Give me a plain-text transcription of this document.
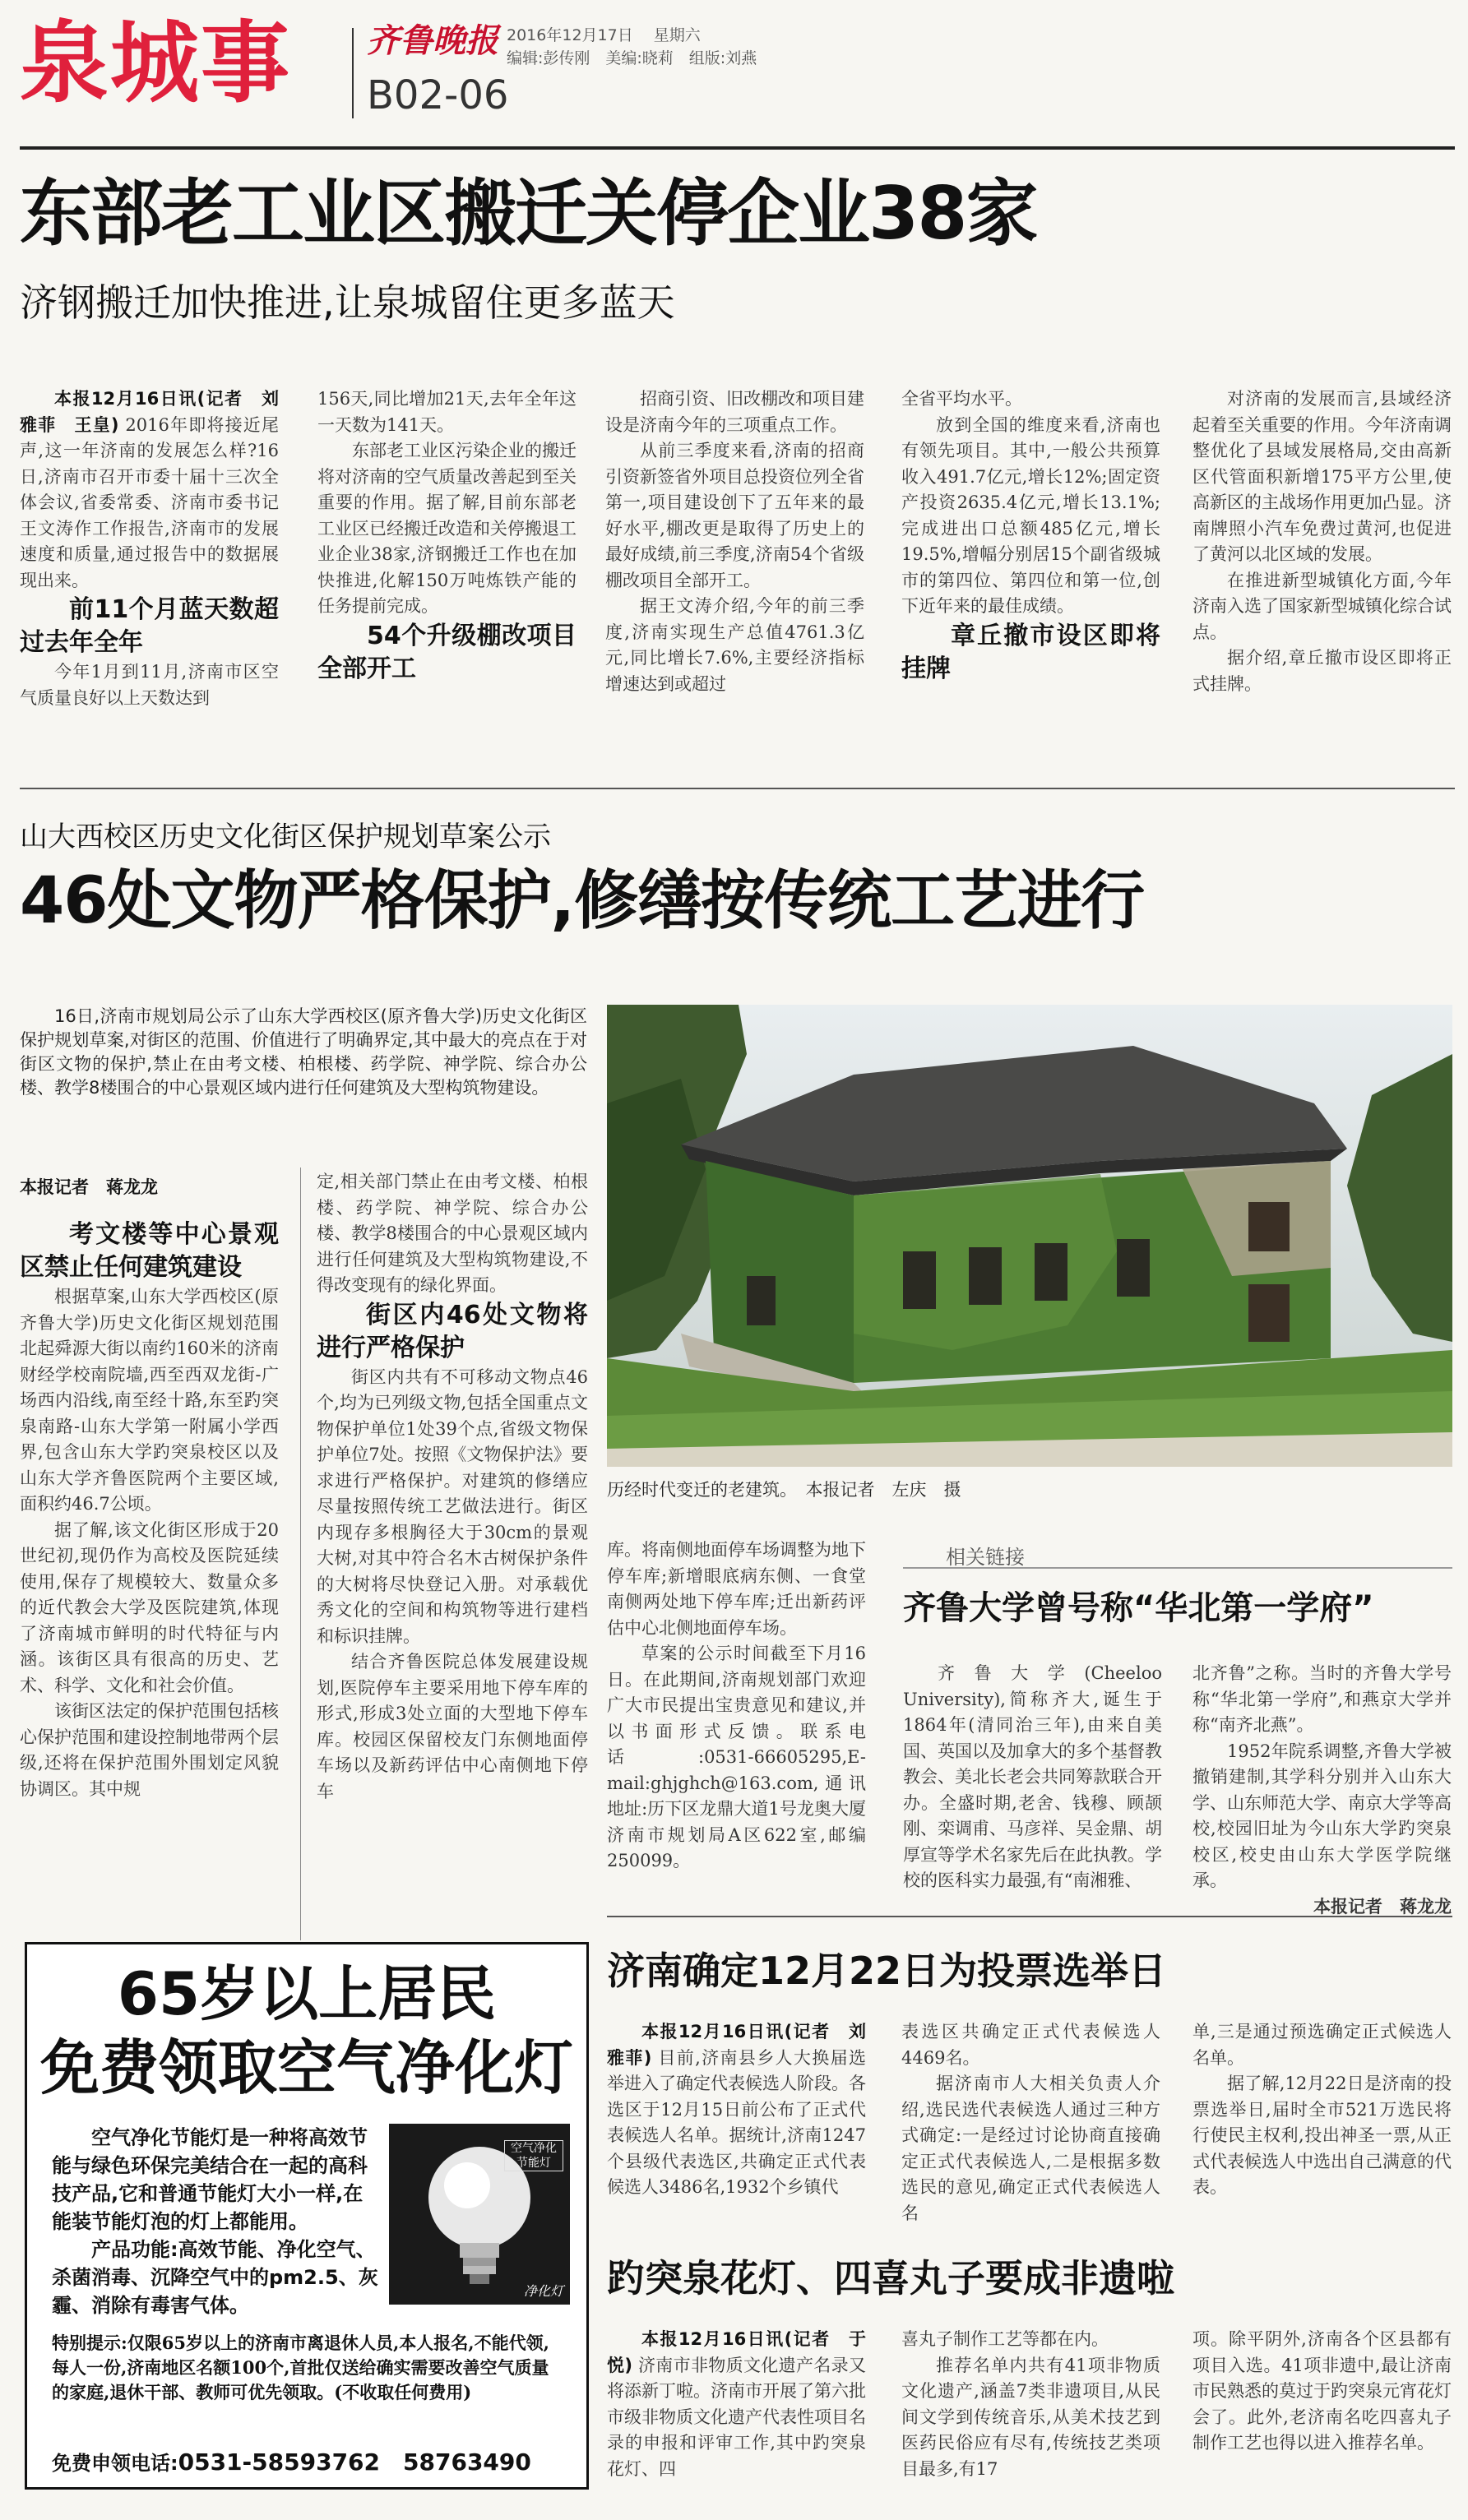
泉城事 齐鲁晚报 2016年12月17日　 星期六
编辑:彭传刚　美编:晓莉　组版:刘燕
B02-06
东部老工业区搬迁关停企业38家
济钢搬迁加快推进,让泉城留住更多蓝天

本报12月16日讯(记者　刘雅菲　王皇) 2016年即将接近尾声,这一年济南的发展怎么样?16日,济南市召开市委十届十三次全体会议,省委常委、济南市委书记王文涛作工作报告,济南市的发展速度和质量,通过报告中的数据展现出来。

前11个月蓝天数超过去年全年

今年1月到11月,济南市区空气质量良好以上天数达到

156天,同比增加21天,去年全年这一天数为141天。

东部老工业区污染企业的搬迁将对济南的空气质量改善起到至关重要的作用。据了解,目前东部老工业区已经搬迁改造和关停搬退工业企业38家,济钢搬迁工作也在加快推进,化解150万吨炼铁产能的任务提前完成。

54个升级棚改项目全部开工

招商引资、旧改棚改和项目建设是济南今年的三项重点工作。

从前三季度来看,济南的招商引资新签省外项目总投资位列全省第一,项目建设创下了五年来的最好水平,棚改更是取得了历史上的最好成绩,前三季度,济南54个省级棚改项目全部开工。

据王文涛介绍,今年的前三季度,济南实现生产总值4761.3亿元,同比增长7.6%,主要经济指标增速达到或超过

全省平均水平。

放到全国的维度来看,济南也有领先项目。其中,一般公共预算收入491.7亿元,增长12%;固定资产投资2635.4亿元,增长13.1%;完成进出口总额485亿元,增长19.5%,增幅分别居15个副省级城市的第四位、第四位和第一位,创下近年来的最佳成绩。

章丘撤市设区即将挂牌

对济南的发展而言,县域经济起着至关重要的作用。今年济南调整优化了县域发展格局,交由高新区代管面积新增175平方公里,使高新区的主战场作用更加凸显。济南牌照小汽车免费过黄河,也促进了黄河以北区域的发展。

在推进新型城镇化方面,今年济南入选了国家新型城镇化综合试点。

据介绍,章丘撤市设区即将正式挂牌。

山大西校区历史文化街区保护规划草案公示
46处文物严格保护,修缮按传统工艺进行

16日,济南市规划局公示了山东大学西校区(原齐鲁大学)历史文化街区保护规划草案,对街区的范围、价值进行了明确界定,其中最大的亮点在于对街区文物的保护,禁止在由考文楼、柏根楼、药学院、神学院、综合办公楼、教学8楼围合的中心景观区域内进行任何建筑及大型构筑物建设。

本报记者　蒋龙龙

考文楼等中心景观区禁止任何建筑建设

根据草案,山东大学西校区(原齐鲁大学)历史文化街区规划范围北起舜源大街以南约160米的济南财经学校南院墙,西至西双龙街-广场西内沿线,南至经十路,东至趵突泉南路-山东大学第一附属小学西界,包含山东大学趵突泉校区以及山东大学齐鲁医院两个主要区域,面积约46.7公顷。

据了解,该文化街区形成于20世纪初,现仍作为高校及医院延续使用,保存了规模较大、数量众多的近代教会大学及医院建筑,体现了济南城市鲜明的时代特征与内涵。该街区具有很高的历史、艺术、科学、文化和社会价值。

该街区法定的保护范围包括核心保护范围和建设控制地带两个层级,还将在保护范围外围划定风貌协调区。其中规

定,相关部门禁止在由考文楼、柏根楼、药学院、神学院、综合办公楼、教学8楼围合的中心景观区域内进行任何建筑及大型构筑物建设,不得改变现有的绿化界面。

街区内46处文物将进行严格保护

街区内共有不可移动文物点46个,均为已列级文物,包括全国重点文物保护单位1处39个点,省级文物保护单位7处。按照《文物保护法》要求进行严格保护。对建筑的修缮应尽量按照传统工艺做法进行。街区内现存多根胸径大于30cm的景观大树,对其中符合名木古树保护条件的大树将尽快登记入册。对承载优秀文化的空间和构筑物等进行建档和标识挂牌。

结合齐鲁医院总体发展建设规划,医院停车主要采用地下停车库的形式,形成3处立面的大型地下停车库。校园区保留校友门东侧地面停车场以及新药评估中心南侧地下停车

历经时代变迁的老建筑。　本报记者　左庆　摄

库。将南侧地面停车场调整为地下停车库;新增眼底病东侧、一食堂南侧两处地下停车库;迁出新药评估中心北侧地面停车场。

草案的公示时间截至下月16日。在此期间,济南规划部门欢迎广大市民提出宝贵意见和建议,并以书面形式反馈。联系电话:0531-66605295,E-mail:ghjghch@163.com,通讯地址:历下区龙鼎大道1号龙奥大厦济南市规划局A区622室,邮编250099。

相关链接
齐鲁大学曾号称“华北第一学府”

齐鲁大学(Cheeloo University),简称齐大,诞生于1864年(清同治三年),由来自美国、英国以及加拿大的多个基督教教会、美北长老会共同筹款联合开办。全盛时期,老舍、钱穆、顾颉刚、栾调甫、马彦祥、吴金鼎、胡厚宣等学术名家先后在此执教。学校的医科实力最强,有“南湘雅、

北齐鲁”之称。当时的齐鲁大学号称“华北第一学府”,和燕京大学并称“南齐北燕”。

1952年院系调整,齐鲁大学被撤销建制,其学科分别并入山东大学、山东师范大学、南京大学等高校,校园旧址为今山东大学趵突泉校区,校史由山东大学医学院继承。

本报记者　蒋龙龙

65岁以上居民
免费领取空气净化灯

空气净化节能灯是一种将高效节能与绿色环保完美结合在一起的高科技产品,它和普通节能灯大小一样,在能装节能灯泡的灯上都能用。

产品功能:高效节能、净化空气、杀菌消毒、沉降空气中的pm2.5、灰霾、消除有毒害气体。

空气净化
节能灯
净化灯
特别提示:仅限65岁以上的济南市离退休人员,本人报名,不能代领,每人一份,济南地区名额100个,首批仅送给确实需要改善空气质量的家庭,退休干部、教师可优先领取。(不收取任何费用)
免费申领电话:0531-58593762　58763490
济南确定12月22日为投票选举日

本报12月16日讯(记者　刘雅菲) 目前,济南县乡人大换届选举进入了确定代表候选人阶段。各选区于12月15日前公布了正式代表候选人名单。据统计,济南1247个县级代表选区,共确定正式代表候选人3486名,1932个乡镇代

表选区共确定正式代表候选人4469名。

据济南市人大相关负责人介绍,选民选代表候选人通过三种方式确定:一是经过讨论协商直接确定正式代表候选人,二是根据多数选民的意见,确定正式代表候选人名

单,三是通过预选确定正式候选人名单。

据了解,12月22日是济南的投票选举日,届时全市521万选民将行使民主权利,投出神圣一票,从正式代表候选人中选出自己满意的代表。

趵突泉花灯、四喜丸子要成非遗啦

本报12月16日讯(记者　于悦) 济南市非物质文化遗产名录又将添新丁啦。济南市开展了第六批市级非物质文化遗产代表性项目名录的申报和评审工作,其中趵突泉花灯、四

喜丸子制作工艺等都在内。

推荐名单内共有41项非物质文化遗产,涵盖7类非遗项目,从民间文学到传统音乐,从美术技艺到医药民俗应有尽有,传统技艺类项目最多,有17

项。除平阴外,济南各个区县都有项目入选。41项非遗中,最让济南市民熟悉的莫过于趵突泉元宵花灯会了。此外,老济南名吃四喜丸子制作工艺也得以进入推荐名单。
